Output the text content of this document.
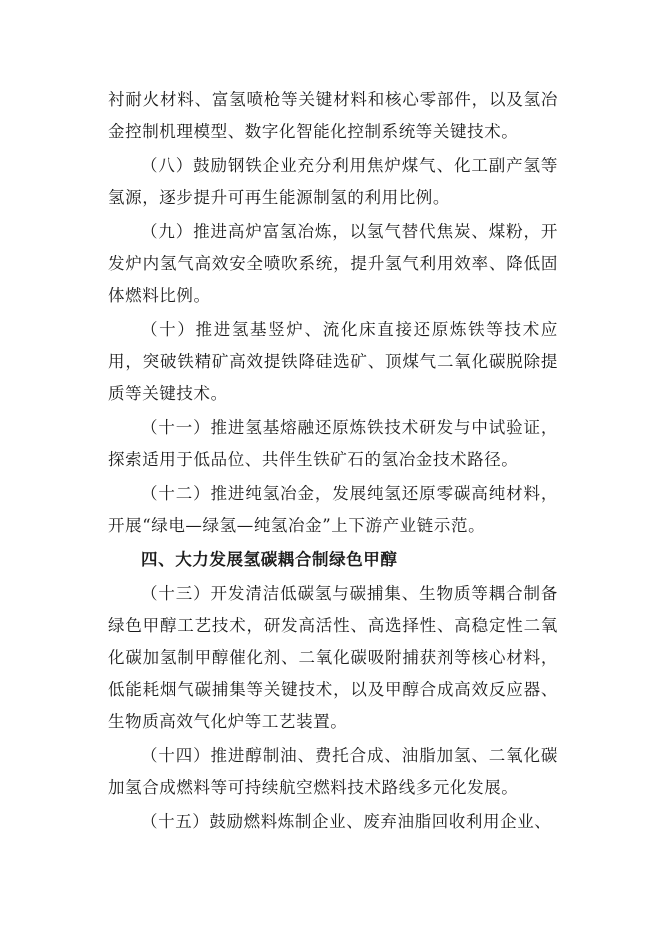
衬耐火材料、富氢喷枪等关键材料和核心零部件，以及氢冶金控制机理模型、数字化智能化控制系统等关键技术。

（八）鼓励钢铁企业充分利用焦炉煤气、化工副产氢等氢源，逐步提升可再生能源制氢的利用比例。

（九）推进高炉富氢冶炼，以氢气替代焦炭、煤粉，开发炉内氢气高效安全喷吹系统，提升氢气利用效率、降低固体燃料比例。

（十）推进氢基竖炉、流化床直接还原炼铁等技术应用，突破铁精矿高效提铁降硅选矿、顶煤气二氧化碳脱除提质等关键技术。

（十一）推进氢基熔融还原炼铁技术研发与中试验证，探索适用于低品位、共伴生铁矿石的氢冶金技术路径。

（十二）推进纯氢冶金，发展纯氢还原零碳高纯材料，开展“绿电—绿氢—纯氢冶金”上下游产业链示范。

四、大力发展氢碳耦合制绿色甲醇

（十三）开发清洁低碳氢与碳捕集、生物质等耦合制备绿色甲醇工艺技术，研发高活性、高选择性、高稳定性二氧化碳加氢制甲醇催化剂、二氧化碳吸附捕获剂等核心材料，低能耗烟气碳捕集等关键技术，以及甲醇合成高效反应器、生物质高效气化炉等工艺装置。

（十四）推进醇制油、费托合成、油脂加氢、二氧化碳加氢合成燃料等可持续航空燃料技术路线多元化发展。

（十五）鼓励燃料炼制企业、废弃油脂回收利用企业、
